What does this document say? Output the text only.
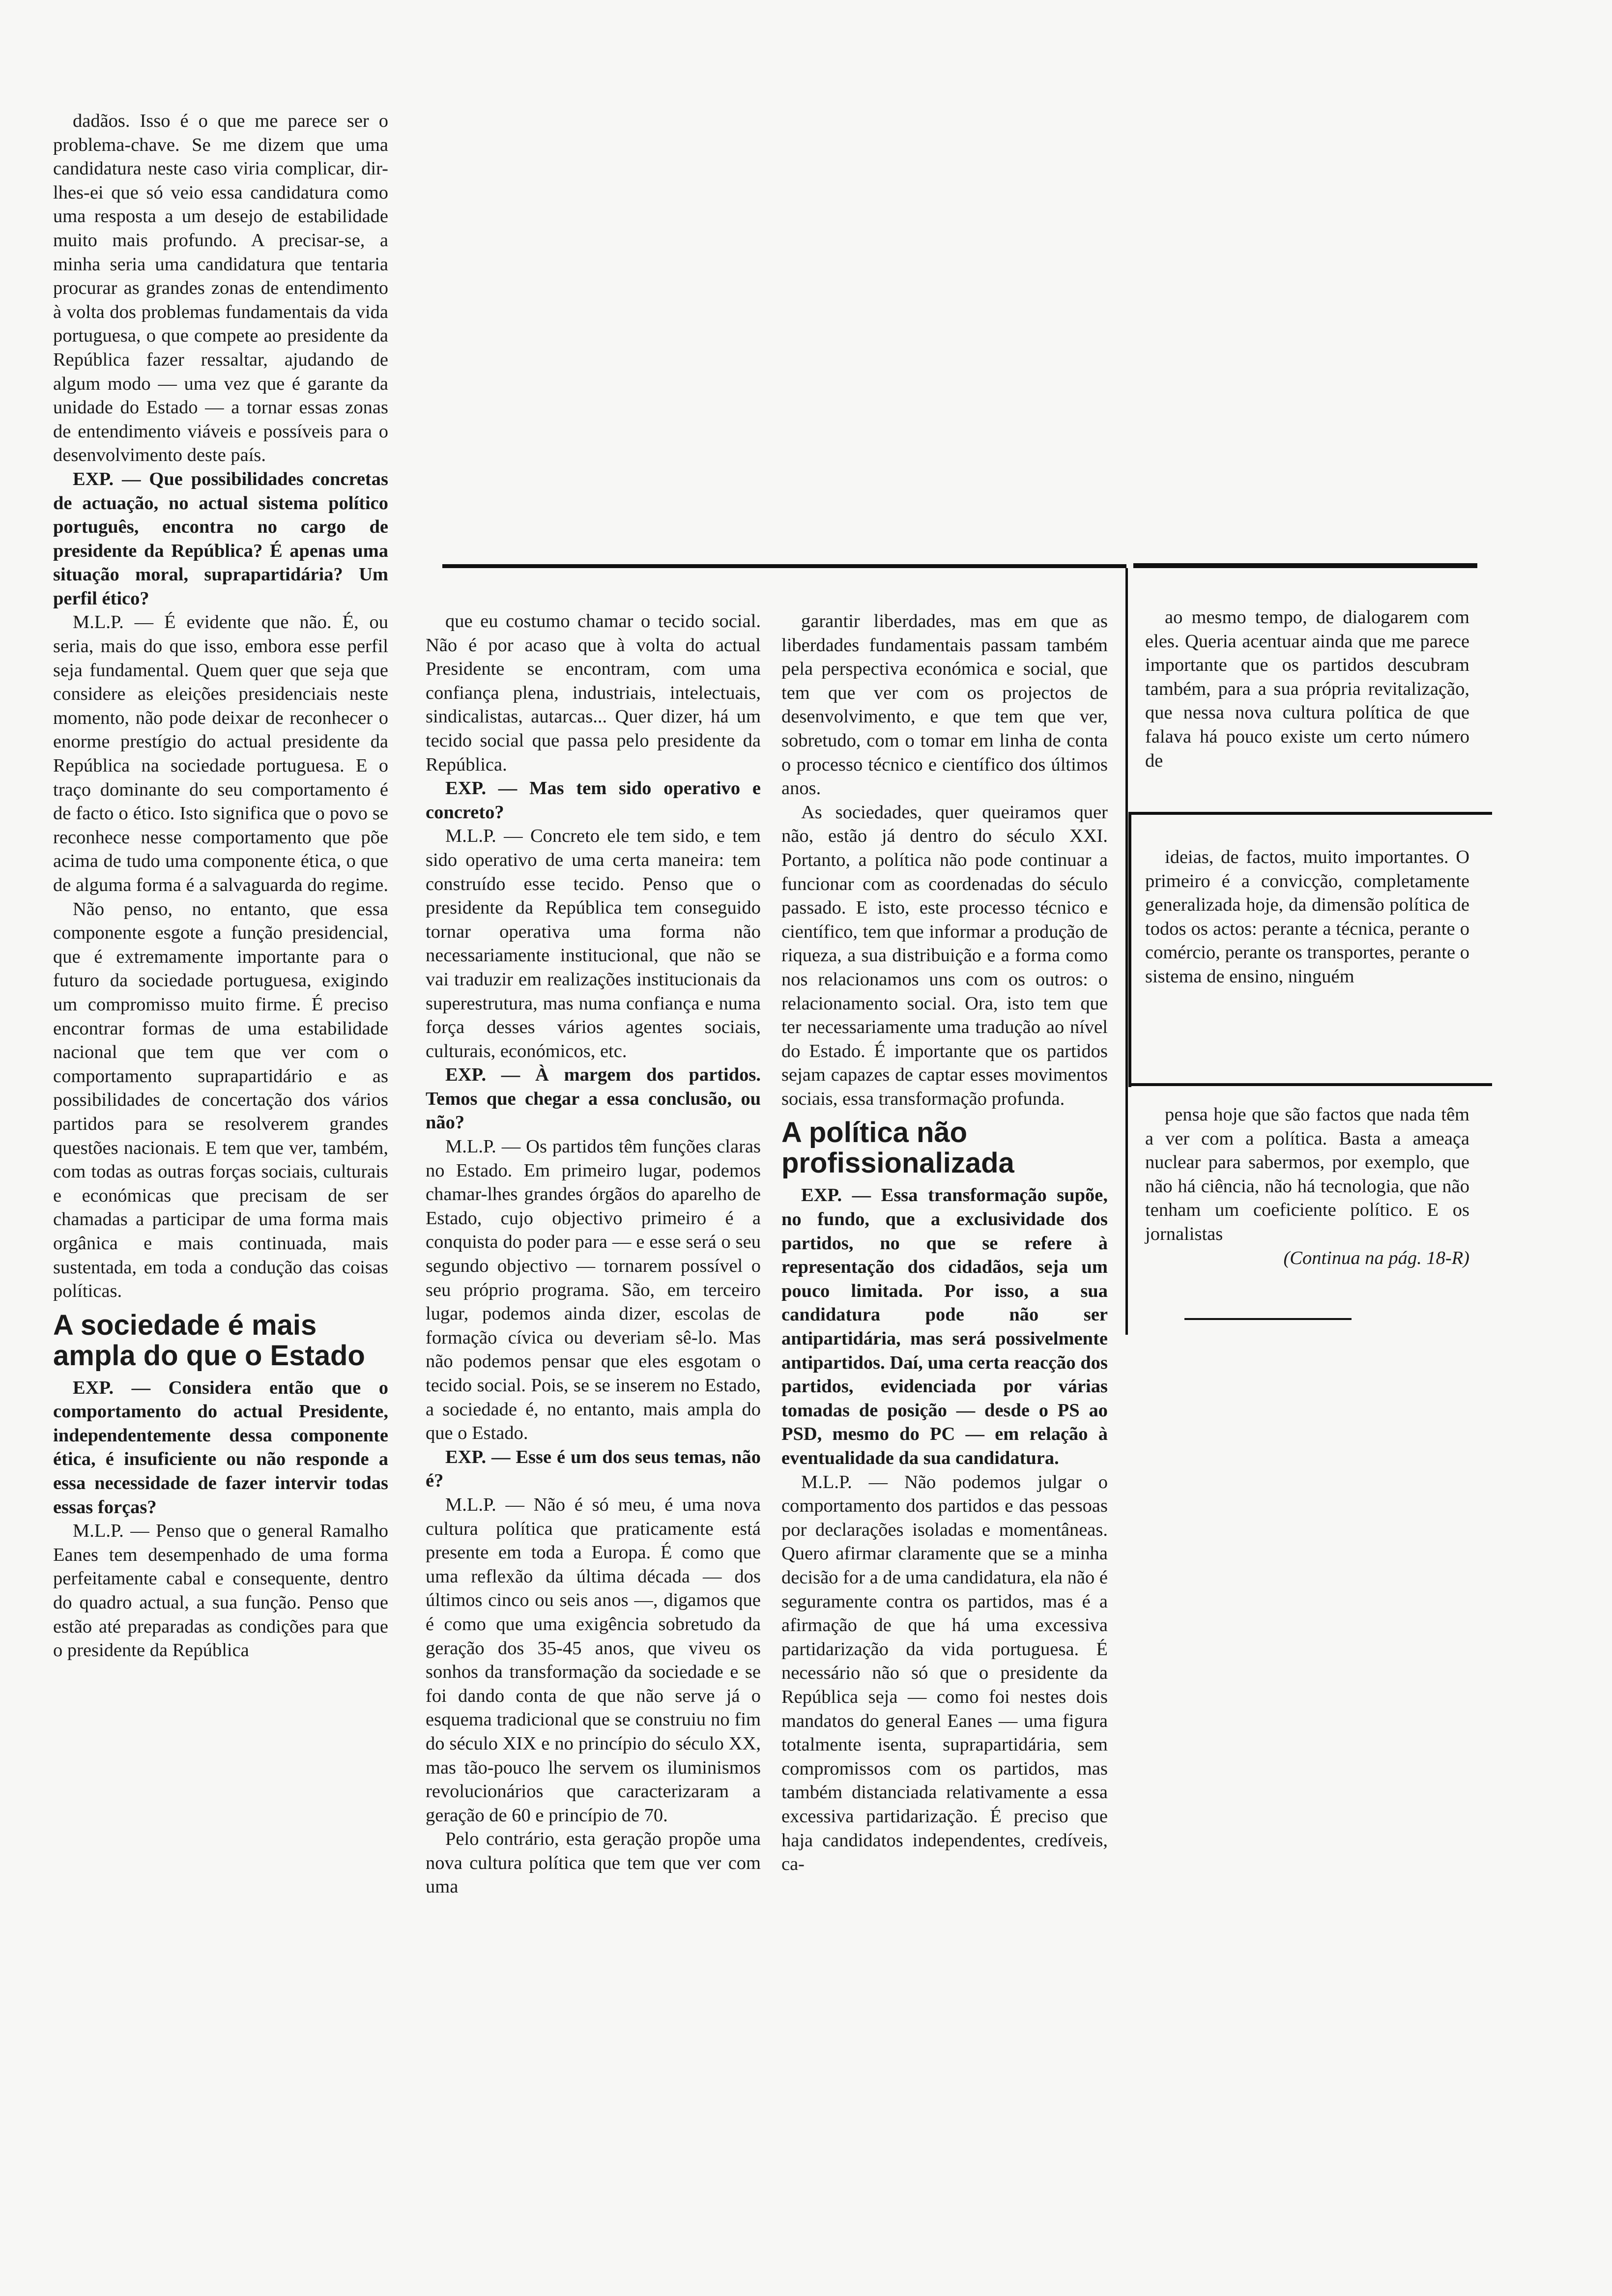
dadãos. Isso é o que me parece ser o problema-chave. Se me dizem que uma candidatura neste caso viria complicar, dir-lhes-ei que só veio essa candidatura como uma resposta a um desejo de estabilidade muito mais profundo. A precisar-se, a minha seria uma candidatura que tentaria procurar as grandes zonas de entendimento à volta dos problemas fundamentais da vida portuguesa, o que compete ao presidente da República fazer ressaltar, ajudando de algum modo — uma vez que é garante da unidade do Estado — a tornar essas zonas de entendimento viáveis e possíveis para o desenvolvimento deste país.

EXP. — Que possibilidades concretas de actuação, no actual sistema político português, encontra no cargo de presidente da República? É apenas uma situação moral, suprapartidária? Um perfil ético?

M.L.P. — É evidente que não. É, ou seria, mais do que isso, embora esse perfil seja fundamental. Quem quer que seja que considere as eleições presidenciais neste momento, não pode deixar de reconhecer o enorme prestígio do actual presidente da República na sociedade portuguesa. E o traço dominante do seu comportamento é de facto o ético. Isto significa que o povo se reconhece nesse comportamento que põe acima de tudo uma componente ética, o que de alguma forma é a salvaguarda do regime.

Não penso, no entanto, que essa componente esgote a função presidencial, que é extremamente importante para o futuro da sociedade portuguesa, exigindo um compromisso muito firme. É preciso encontrar formas de uma estabilidade nacional que tem que ver com o comportamento suprapartidário e as possibilidades de concertação dos vários partidos para se resolverem grandes questões nacionais. E tem que ver, também, com todas as outras forças sociais, culturais e económicas que precisam de ser chamadas a participar de uma forma mais orgânica e mais continuada, mais sustentada, em toda a condução das coisas políticas.

A sociedade é mais ampla do que o Estado

EXP. — Considera então que o comportamento do actual Presidente, independentemente dessa componente ética, é insuficiente ou não responde a essa necessidade de fazer intervir todas essas forças?

M.L.P. — Penso que o general Ramalho Eanes tem desempenhado de uma forma perfeitamente cabal e consequente, dentro do quadro actual, a sua função. Penso que estão até preparadas as condições para que o presidente da República

que eu costumo chamar o tecido social. Não é por acaso que à volta do actual Presidente se encontram, com uma confiança plena, industriais, intelectuais, sindicalistas, autarcas... Quer dizer, há um tecido social que passa pelo presidente da República.

EXP. — Mas tem sido operativo e concreto?

M.L.P. — Concreto ele tem sido, e tem sido operativo de uma certa maneira: tem construído esse tecido. Penso que o presidente da República tem conseguido tornar operativa uma forma não necessariamente institucional, que não se vai traduzir em realizações institucionais da superestrutura, mas numa confiança e numa força desses vários agentes sociais, culturais, económicos, etc.

EXP. — À margem dos partidos. Temos que chegar a essa conclusão, ou não?

M.L.P. — Os partidos têm funções claras no Estado. Em primeiro lugar, podemos chamar-lhes grandes órgãos do aparelho de Estado, cujo objectivo primeiro é a conquista do poder para — e esse será o seu segundo objectivo — tornarem possível o seu próprio programa. São, em terceiro lugar, podemos ainda dizer, escolas de formação cívica ou deveriam sê-lo. Mas não podemos pensar que eles esgotam o tecido social. Pois, se se inserem no Estado, a sociedade é, no entanto, mais ampla do que o Estado.

EXP. — Esse é um dos seus temas, não é?

M.L.P. — Não é só meu, é uma nova cultura política que praticamente está presente em toda a Europa. É como que uma reflexão da última década — dos últimos cinco ou seis anos —, digamos que é como que uma exigência sobretudo da geração dos 35-45 anos, que viveu os sonhos da transformação da sociedade e se foi dando conta de que não serve já o esquema tradicional que se construiu no fim do século XIX e no princípio do século XX, mas tão-pouco lhe servem os iluminismos revolucionários que caracterizaram a geração de 60 e princípio de 70.

Pelo contrário, esta geração propõe uma nova cultura política que tem que ver com uma

garantir liberdades, mas em que as liberdades fundamentais passam também pela perspectiva económica e social, que tem que ver com os projectos de desenvolvimento, e que tem que ver, sobretudo, com o tomar em linha de conta o processo técnico e científico dos últimos anos.

As sociedades, quer queiramos quer não, estão já dentro do século XXI. Portanto, a política não pode continuar a funcionar com as coordenadas do século passado. E isto, este processo técnico e científico, tem que informar a produção de riqueza, a sua distribuição e a forma como nos relacionamos uns com os outros: o relacionamento social. Ora, isto tem que ter necessariamente uma tradução ao nível do Estado. É importante que os partidos sejam capazes de captar esses movimentos sociais, essa transformação profunda.

A política não profissionalizada

EXP. — Essa transformação supõe, no fundo, que a exclusividade dos partidos, no que se refere à representação dos cidadãos, seja um pouco limitada. Por isso, a sua candidatura pode não ser antipartidária, mas será possivelmente antipartidos. Daí, uma certa reacção dos partidos, evidenciada por várias tomadas de posição — desde o PS ao PSD, mesmo do PC — em relação à eventualidade da sua candidatura.

M.L.P. — Não podemos julgar o comportamento dos partidos e das pessoas por declarações isoladas e momentâneas. Quero afirmar claramente que se a minha decisão for a de uma candidatura, ela não é seguramente contra os partidos, mas é a afirmação de que há uma excessiva partidarização da vida portuguesa. É necessário não só que o presidente da República seja — como foi nestes dois mandatos do general Eanes — uma figura totalmente isenta, suprapartidária, sem compromissos com os partidos, mas também distanciada relativamente a essa excessiva partidarização. É preciso que haja candidatos independentes, credíveis, ca-

ao mesmo tempo, de dialogarem com eles. Queria acentuar ainda que me parece importante que os partidos descubram também, para a sua própria revitalização, que nessa nova cultura política de que falava há pouco existe um certo número de

ideias, de factos, muito importantes. O primeiro é a convicção, completamente generalizada hoje, da dimensão política de todos os actos: perante a técnica, perante o comércio, perante os transportes, perante o sistema de ensino, ninguém

pensa hoje que são factos que nada têm a ver com a política. Basta a ameaça nuclear para sabermos, por exemplo, que não há ciência, não há tecnologia, que não tenham um coeficiente político. E os jornalistas

(Continua na pág. 18-R)
